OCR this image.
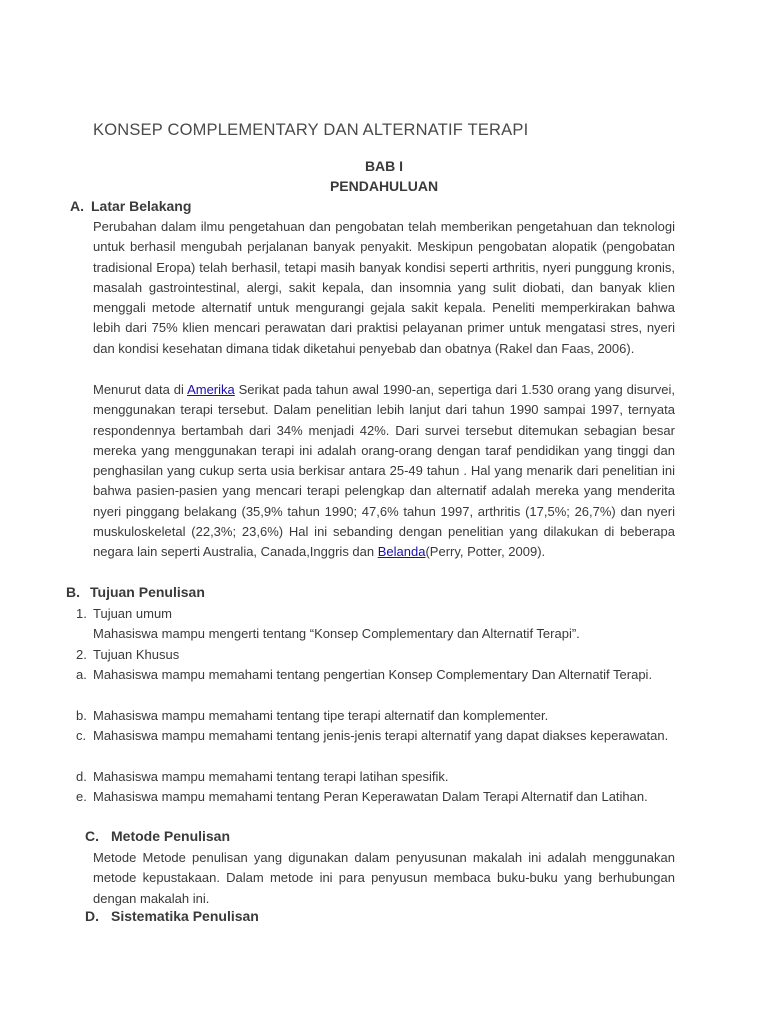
KONSEP COMPLEMENTARY DAN ALTERNATIF TERAPI
BAB I
PENDAHULUAN
A. Latar Belakang

Perubahan dalam ilmu pengetahuan dan pengobatan telah memberikan pengetahuan dan teknologi untuk berhasil mengubah perjalanan banyak penyakit. Meskipun pengobatan alopatik (pengobatan tradisional Eropa) telah berhasil, tetapi masih banyak kondisi seperti arthritis, nyeri punggung kronis, masalah gastrointestinal, alergi, sakit kepala, dan insomnia yang sulit diobati, dan banyak klien menggali metode alternatif untuk mengurangi gejala sakit kepala. Peneliti memperkirakan bahwa lebih dari 75% klien mencari perawatan dari praktisi pelayanan primer untuk mengatasi stres, nyeri dan kondisi kesehatan dimana tidak diketahui penyebab dan obatnya (Rakel dan Faas, 2006).

Menurut data di Amerika Serikat pada tahun awal 1990-an, sepertiga dari 1.530 orang yang disurvei, menggunakan terapi tersebut. Dalam penelitian lebih lanjut dari tahun 1990 sampai 1997, ternyata respondennya bertambah dari 34% menjadi 42%. Dari survei tersebut ditemukan sebagian besar mereka yang menggunakan terapi ini adalah orang-orang dengan taraf pendidikan yang tinggi dan penghasilan yang cukup serta usia berkisar antara 25-49 tahun . Hal yang menarik dari penelitian ini bahwa pasien-pasien yang mencari terapi pelengkap dan alternatif adalah mereka yang menderita nyeri pinggang belakang (35,9% tahun 1990; 47,6% tahun 1997, arthritis (17,5%; 26,7%) dan nyeri muskuloskeletal (22,3%; 23,6%) Hal ini sebanding dengan penelitian yang dilakukan di beberapa negara lain seperti Australia, Canada,Inggris dan Belanda(Perry, Potter, 2009).

B. Tujuan Penulisan
1. Tujuan umum
Mahasiswa mampu mengerti tentang “Konsep Complementary dan Alternatif Terapi”.
2. Tujuan Khusus
a. Mahasiswa mampu memahami tentang pengertian Konsep Complementary Dan Alternatif Terapi.
b. Mahasiswa mampu memahami tentang tipe terapi alternatif dan komplementer.
c. Mahasiswa mampu memahami tentang jenis-jenis terapi alternatif yang dapat diakses keperawatan.
d. Mahasiswa mampu memahami tentang terapi latihan spesifik.
e. Mahasiswa mampu memahami tentang Peran Keperawatan Dalam Terapi Alternatif dan Latihan.
C. Metode Penulisan

Metode Metode penulisan yang digunakan dalam penyusunan makalah ini adalah menggunakan metode kepustakaan. Dalam metode ini para penyusun membaca buku-buku yang berhubungan dengan makalah ini.

D. Sistematika Penulisan
